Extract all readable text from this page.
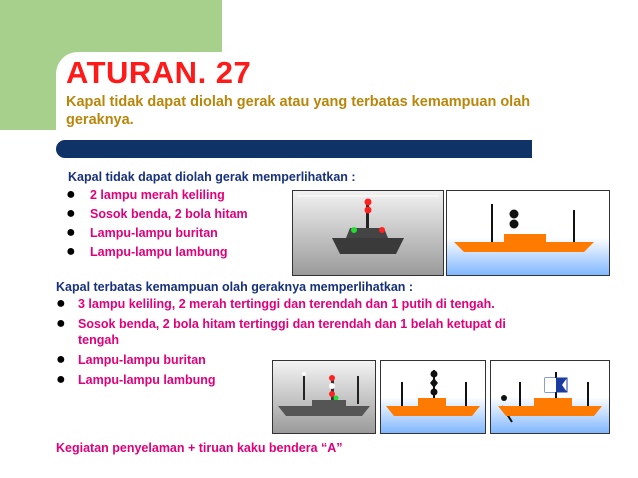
ATURAN. 27
Kapal tidak dapat diolah gerak atau yang terbatas kemampuan olah geraknya.
Kapal tidak dapat diolah gerak memperlihatkan :
● 2 lampu merah keliling
● Sosok benda, 2 bola hitam
● Lampu-lampu buritan
● Lampu-lampu lambung
Kapal terbatas kemampuan olah geraknya memperlihatkan :
● 3 lampu keliling, 2 merah tertinggi dan terendah dan 1 putih di tengah.
● Sosok benda, 2 bola hitam tertinggi dan terendah dan 1 belah ketupat di tengah
● Lampu-lampu buritan
● Lampu-lampu lambung
Kegiatan penyelaman + tiruan kaku bendera “A”
